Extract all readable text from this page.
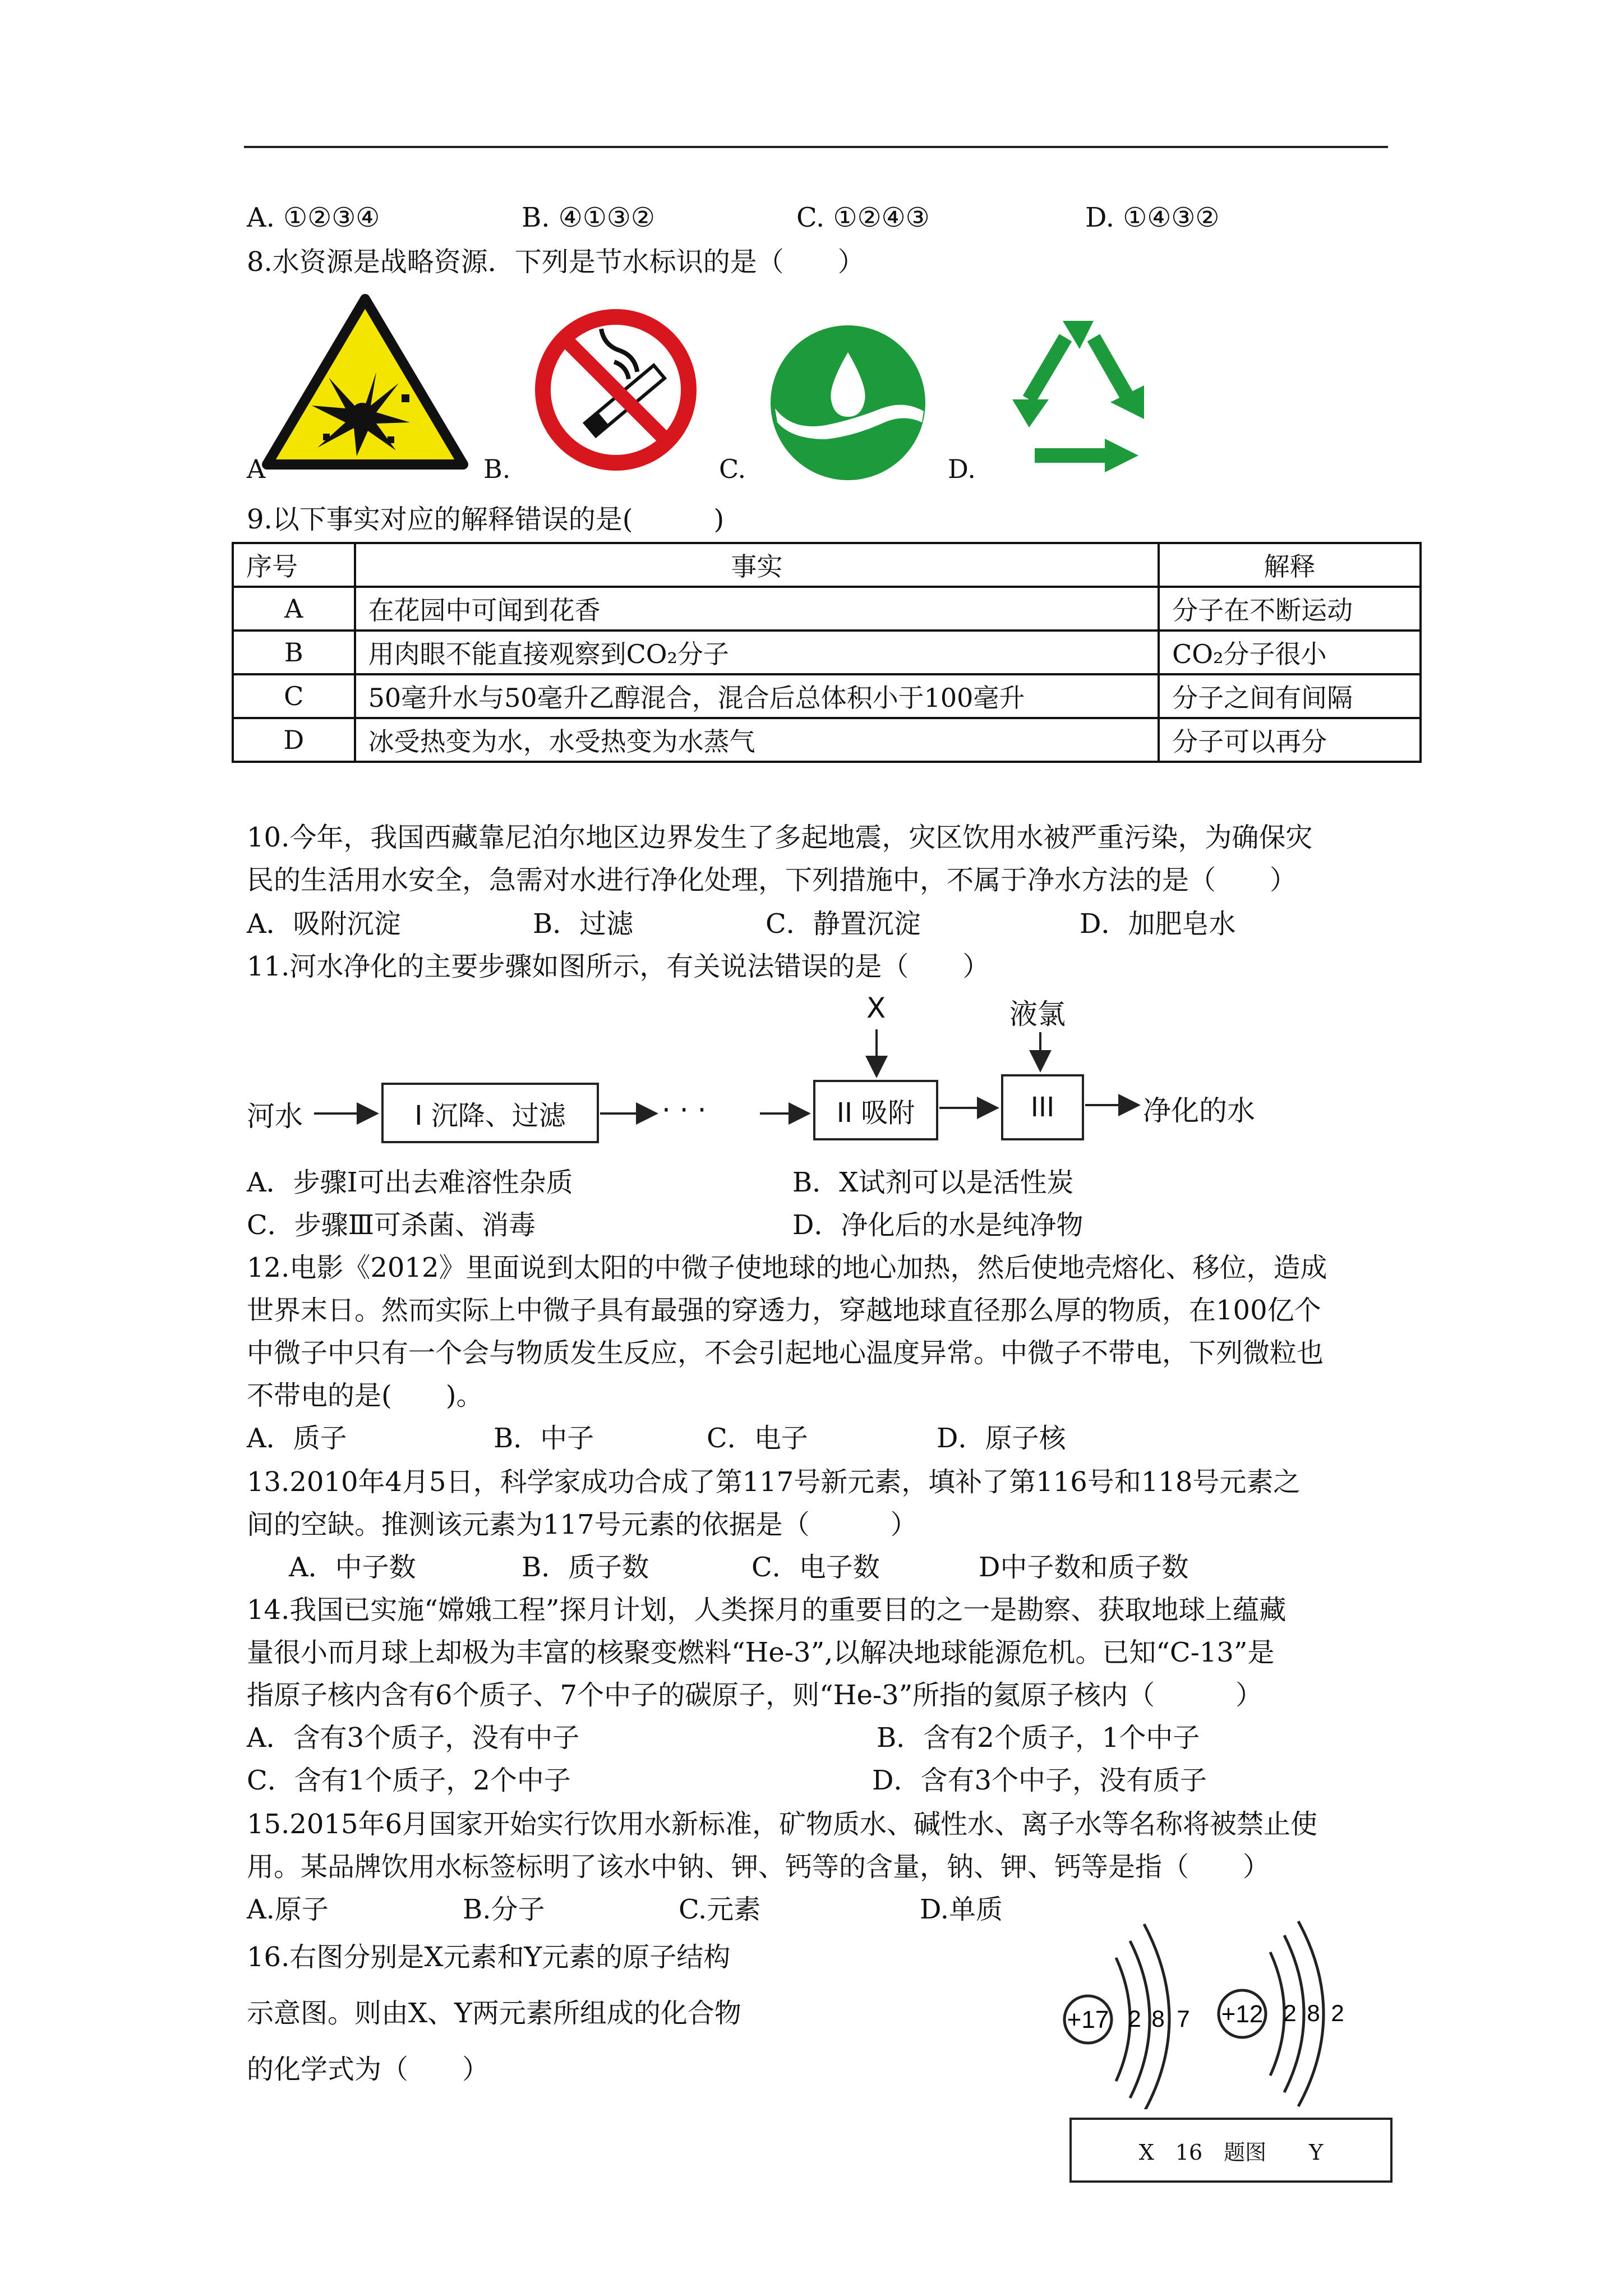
A. ①②③④	B. ④①③②	C. ①②④③	D. ①④③②
8.水资源是战略资源．下列是节水标识的是（　　）
A	B.	C.	D.
9.以下事实对应的解释错误的是(　　　)
序号	事实	解释
A	在花园中可闻到花香	分子在不断运动
B	用肉眼不能直接观察到CO₂分子	CO₂分子很小
C	50毫升水与50毫升乙醇混合，混合后总体积小于100毫升	分子之间有间隔
D	冰受热变为水，水受热变为水蒸气	分子可以再分
10.今年，我国西藏靠尼泊尔地区边界发生了多起地震，灾区饮用水被严重污染，为确保灾
民的生活用水安全，急需对水进行净化处理，下列措施中，不属于净水方法的是（　　）
A．吸附沉淀	B．过滤	C．静置沉淀	D．加肥皂水
11.河水净化的主要步骤如图所示，有关说法错误的是（　　）
X	液氯
河水	I 沉降、过滤	· · ·	II 吸附	III	净化的水
A．步骤Ⅰ可出去难溶性杂质	B．X试剂可以是活性炭
C．步骤Ⅲ可杀菌、消毒	D．净化后的水是纯净物
12.电影《2012》里面说到太阳的中微子使地球的地心加热，然后使地壳熔化、移位，造成
世界末日。然而实际上中微子具有最强的穿透力，穿越地球直径那么厚的物质，在100亿个
中微子中只有一个会与物质发生反应，不会引起地心温度异常。中微子不带电，下列微粒也
不带电的是(　　)。
A．质子	B．中子	C．电子	D．原子核
13.2010年4月5日，科学家成功合成了第117号新元素，填补了第116号和118号元素之
间的空缺。推测该元素为117号元素的依据是（　　　）
A．中子数	B．质子数	C．电子数	D中子数和质子数
14.我国已实施“嫦娥工程”探月计划，人类探月的重要目的之一是勘察、获取地球上蕴藏
量很小而月球上却极为丰富的核聚变燃料“He-3”,以解决地球能源危机。已知“C-13”是
指原子核内含有6个质子、7个中子的碳原子，则“He-3”所指的氦原子核内（　　　）
A．含有3个质子，没有中子	B．含有2个质子，1个中子
C．含有1个质子，2个中子	D．含有3个中子，没有质子
15.2015年6月国家开始实行饮用水新标准，矿物质水、碱性水、离子水等名称将被禁止使
用。某品牌饮用水标签标明了该水中钠、钾、钙等的含量，钠、钾、钙等是指（　　）
A.原子	B.分子	C.元素	D.单质
16.右图分别是X元素和Y元素的原子结构
示意图。则由X、Y两元素所组成的化合物
的化学式为（　　）
+17 2 8 7 +12 2 8 2
X　16　题图　　Y
